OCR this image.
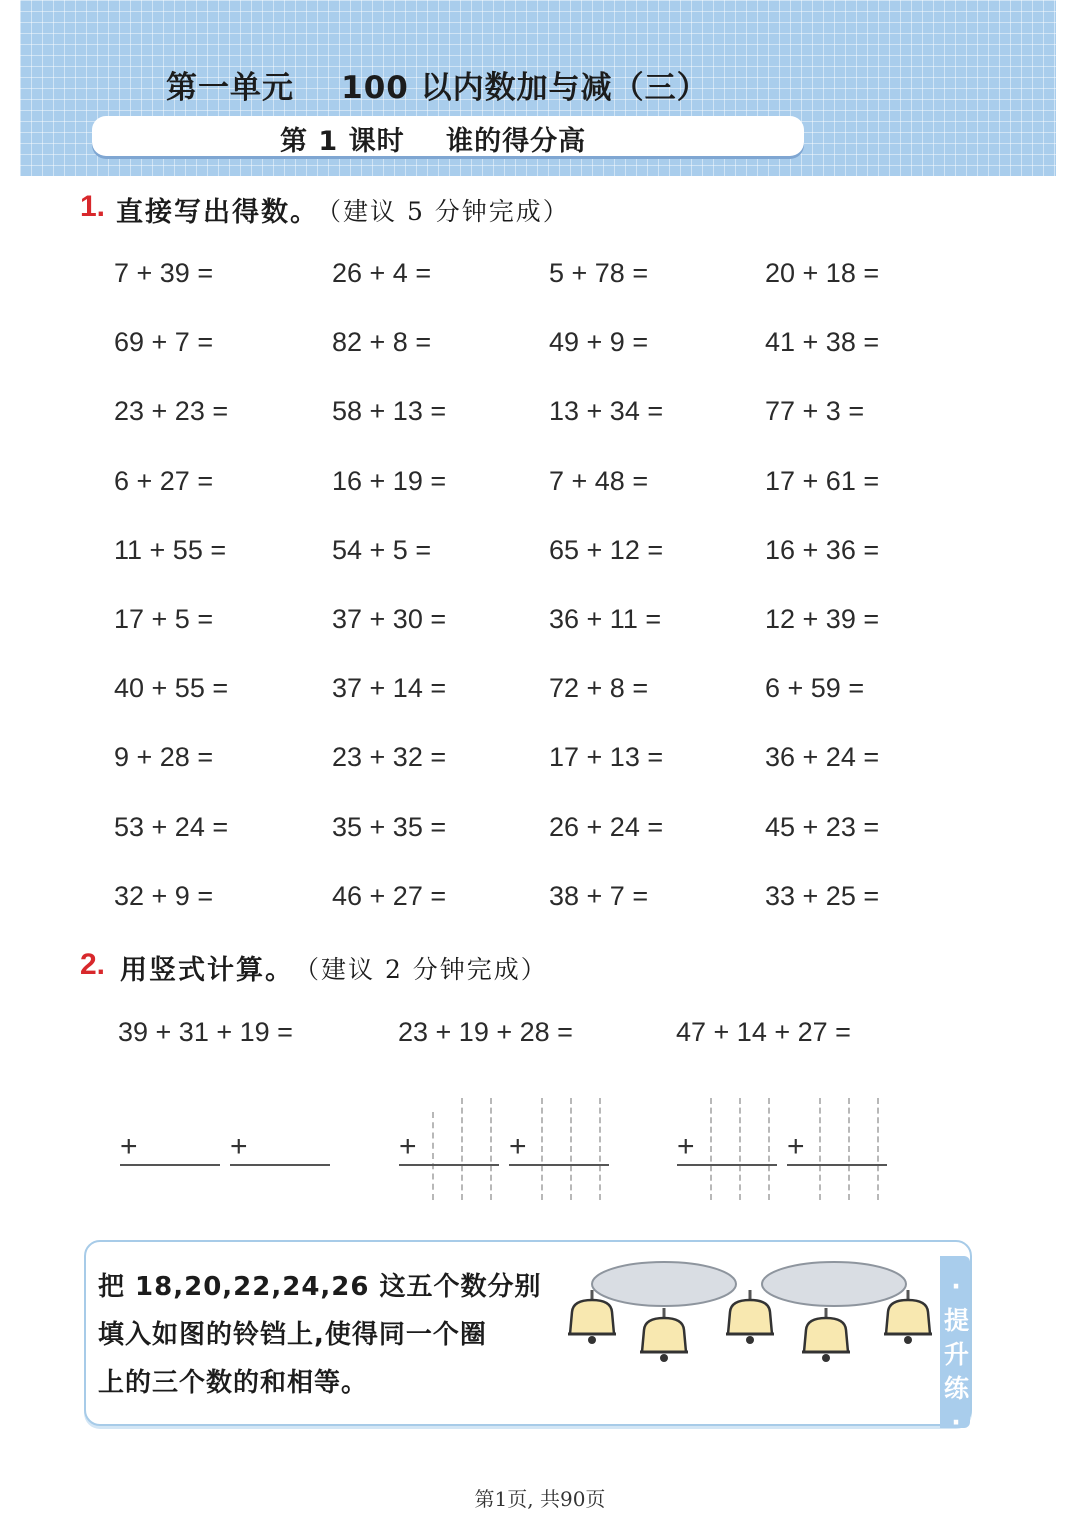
第一单元    100 以内数加与减（三）
第 1 课时    谁的得分高
1. 直接写出得数。
（建议 5 分钟完成）
7 + 39 =	26 + 4 =	5 + 78 =	20 + 18 =
69 + 7 =	82 + 8 =	49 + 9 =	41 + 38 =
23 + 23 =	58 + 13 =	13 + 34 =	77 + 3 =
6 + 27 =	16 + 19 =	7 + 48 =	17 + 61 =
11 + 55 =	54 + 5 =	65 + 12 =	16 + 36 =
17 + 5 =	37 + 30 =	36 + 11 =	12 + 39 =
40 + 55 =	37 + 14 =	72 + 8 =	6 + 59 =
9 + 28 =	23 + 32 =	17 + 13 =	36 + 24 =
53 + 24 =	35 + 35 =	26 + 24 =	45 + 23 =
32 + 9 =	46 + 27 =	38 + 7 =	33 + 25 =
2. 用竖式计算。 （建议 2 分钟完成）
39 + 31 + 19 =	23 + 19 + 28 =	47 + 14 + 27 =
+	+	+	+	+	+
·提升练·
把 18,20,22,24,26 这五个数分别
填入如图的铃铛上,使得同一个圈
上的三个数的和相等。
第1页, 共90页
